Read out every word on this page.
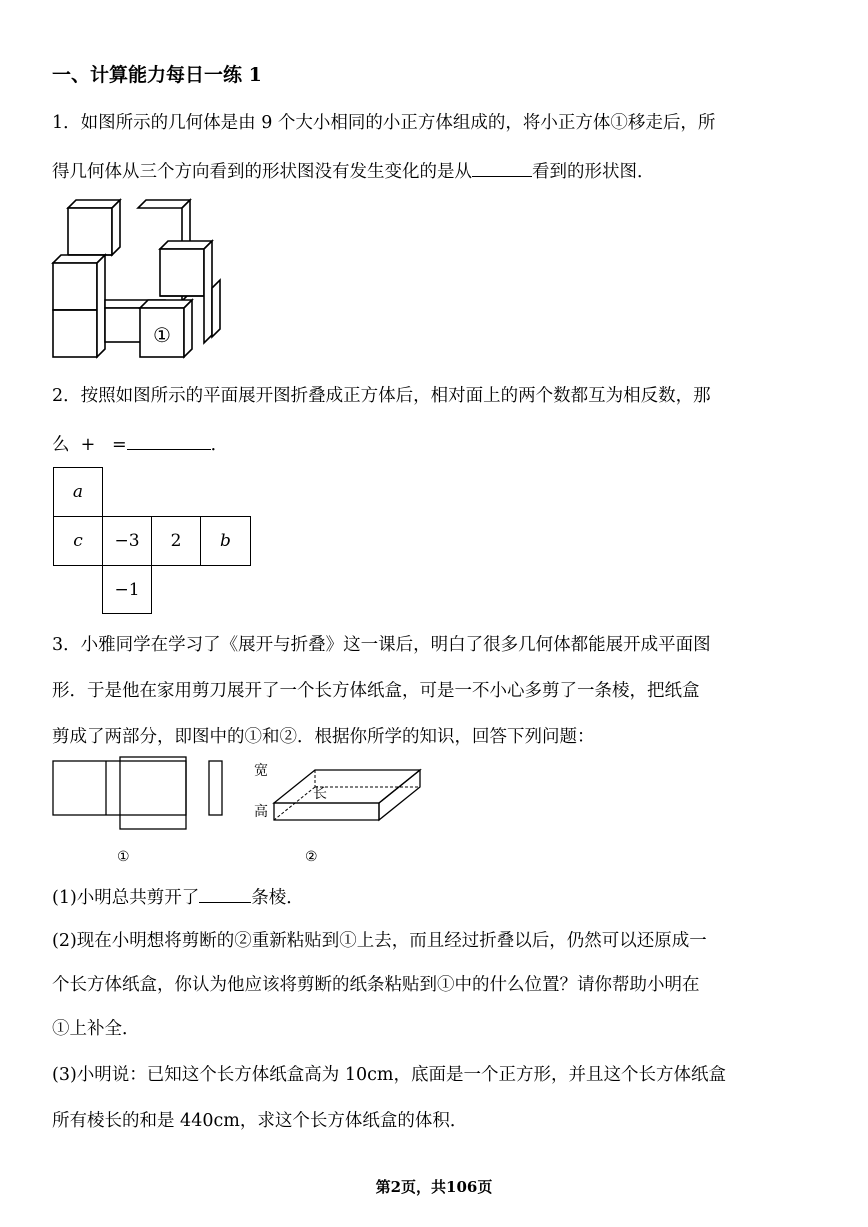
一、计算能力每日一练 1
1．如图所示的几何体是由 9 个大小相同的小正方体组成的，将小正方体①移走后，所
得几何体从三个方向看到的形状图没有发生变化的是从	看到的形状图．
①
2．按照如图所示的平面展开图折叠成正方体后，相对面上的两个数都互为相反数，那
么  +   =	．
a
c	−3	2	b
−1
3．小雅同学在学习了《展开与折叠》这一课后，明白了很多几何体都能展开成平面图
形．于是他在家用剪刀展开了一个长方体纸盒，可是一不小心多剪了一条棱，把纸盒
剪成了两部分，即图中的①和②．根据你所学的知识，回答下列问题：
宽
长
高
①	②
(1)小明总共剪开了	条棱．
(2)现在小明想将剪断的②重新粘贴到①上去，而且经过折叠以后，仍然可以还原成一
个长方体纸盒，你认为他应该将剪断的纸条粘贴到①中的什么位置？请你帮助小明在
①上补全．
(3)小明说：已知这个长方体纸盒高为 10cm，底面是一个正方形，并且这个长方体纸盒
所有棱长的和是 440cm，求这个长方体纸盒的体积．
第2页，共106页
